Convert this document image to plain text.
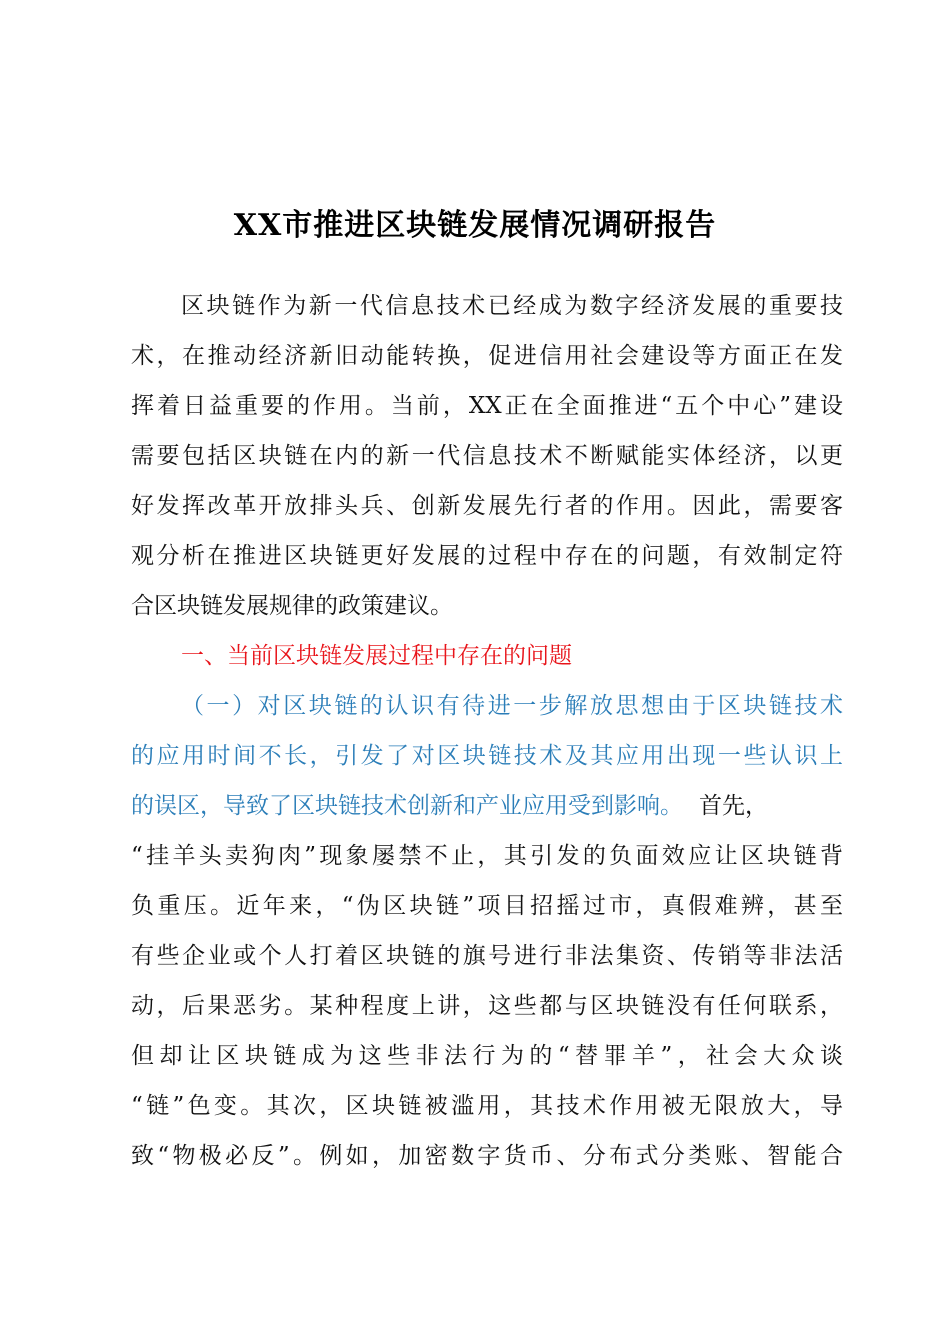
XX市推进区块链发展情况调研报告
区块链作为新一代信息技术已经成为数字经济发展的重要技
术，在推动经济新旧动能转换，促进信用社会建设等方面正在发
挥着日益重要的作用。当前，XX正在全面推进“五个中心”建设
需要包括区块链在内的新一代信息技术不断赋能实体经济，以更
好发挥改革开放排头兵、创新发展先行者的作用。因此，需要客
观分析在推进区块链更好发展的过程中存在的问题，有效制定符
合区块链发展规律的政策建议。
一、当前区块链发展过程中存在的问题
（一）对区块链的认识有待进一步解放思想由于区块链技术
的应用时间不长，引发了对区块链技术及其应用出现一些认识上
的误区，导致了区块链技术创新和产业应用受到影响。 首先，
“挂羊头卖狗肉”现象屡禁不止，其引发的负面效应让区块链背
负重压。近年来，“伪区块链”项目招摇过市，真假难辨，甚至
有些企业或个人打着区块链的旗号进行非法集资、传销等非法活
动，后果恶劣。某种程度上讲，这些都与区块链没有任何联系，
但却让区块链成为这些非法行为的“替罪羊”，社会大众谈
“链”色变。其次，区块链被滥用，其技术作用被无限放大，导
致“物极必反”。例如，加密数字货币、分布式分类账、智能合
